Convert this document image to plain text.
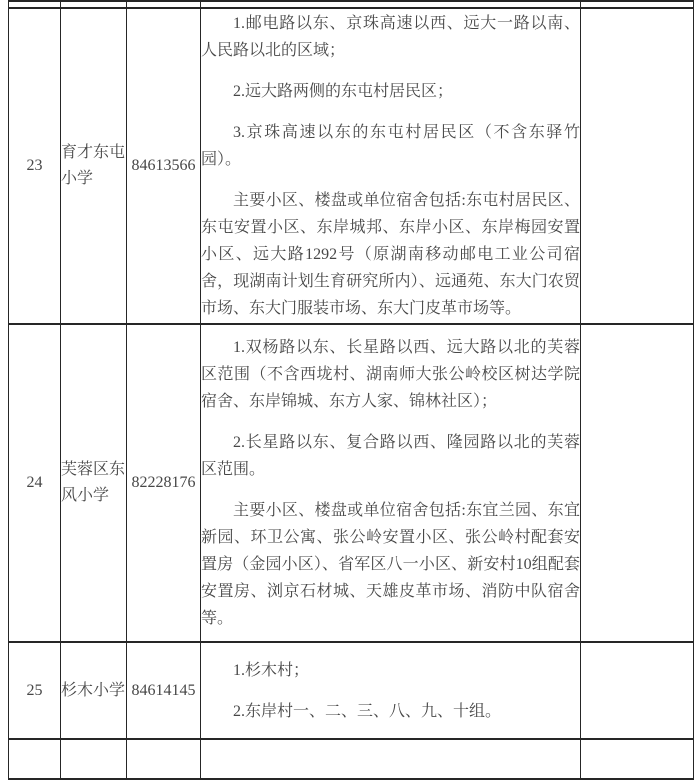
23	育才东屯小学	84613566	1.邮电路以东、京珠高速以西、远大一路以南、人民路以北的区域；

2.远大路两侧的东屯村居民区；

3.京珠高速以东的东屯村居民区（不含东驿竹园）。

主要小区、楼盘或单位宿舍包括:东屯村居民区、东屯安置小区、东岸城邦、东岸小区、东岸梅园安置小区、远大路1292号（原湖南移动邮电工业公司宿舍，现湖南计划生育研究所内）、远通苑、东大门农贸市场、东大门服装市场、东大门皮革市场等。	

24	芙蓉区东风小学	82228176	1.双杨路以东、长星路以西、远大路以北的芙蓉区范围（不含西垅村、湖南师大张公岭校区树达学院宿舍、东岸锦城、东方人家、锦林社区）；

2.长星路以东、复合路以西、隆园路以北的芙蓉区范围。

主要小区、楼盘或单位宿舍包括:东宜兰园、东宜新园、环卫公寓、张公岭安置小区、张公岭村配套安置房（金园小区）、省军区八一小区、新安村10组配套安置房、浏京石材城、天雄皮革市场、消防中队宿舍等。	

25	杉木小学	84614145	1.杉木村；

2.东岸村一、二、三、八、九、十组。	
